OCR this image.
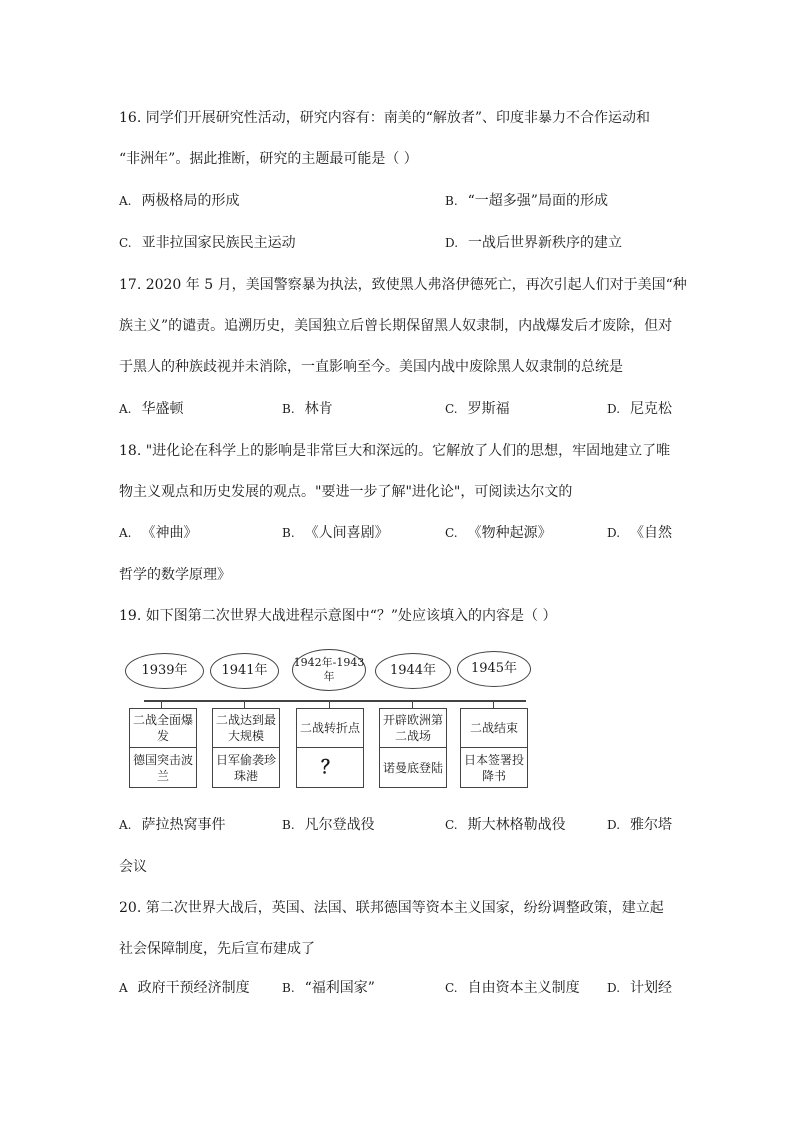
16. 同学们开展研究性活动，研究内容有：南美的“解放者”、印度非暴力不合作运动和
“非洲年”。据此推断，研究的主题最可能是（ ）
A. 两极格局的形成	B. “一超多强”局面的形成
C. 亚非拉国家民族民主运动	D. 一战后世界新秩序的建立
17. 2020 年 5 月，美国警察暴为执法，致使黑人弗洛伊德死亡，再次引起人们对于美国“种
族主义”的谴责。追溯历史，美国独立后曾长期保留黑人奴隶制，内战爆发后才废除，但对
于黑人的种族歧视并未消除，一直影响至今。美国内战中废除黑人奴隶制的总统是
A. 华盛顿	B. 林肯	C. 罗斯福	D. 尼克松
18. "进化论在科学上的影响是非常巨大和深远的。它解放了人们的思想，牢固地建立了唯
物主义观点和历史发展的观点。"要进一步了解"进化论"，可阅读达尔文的
A. 《神曲》	B. 《人间喜剧》	C. 《物种起源》	D. 《自然
哲学的数学原理》
19. 如下图第二次世界大战进程示意图中“？”处应该填入的内容是（ ）
1939年
二战全面爆发
德国突击波兰
1941年
二战达到最大规模
日军偷袭珍珠港
1942年-1943年
二战转折点
？
1944年
开辟欧洲第二战场
诺曼底登陆
1945年
二战结束
日本签署投降书
A. 萨拉热窝事件	B. 凡尔登战役	C. 斯大林格勒战役	D. 雅尔塔
会议
20. 第二次世界大战后，英国、法国、联邦德国等资本主义国家，纷纷调整政策，建立起
社会保障制度，先后宣布建成了
A 政府干预经济制度	B. “福利国家”	C. 自由资本主义制度 D. 计划经
